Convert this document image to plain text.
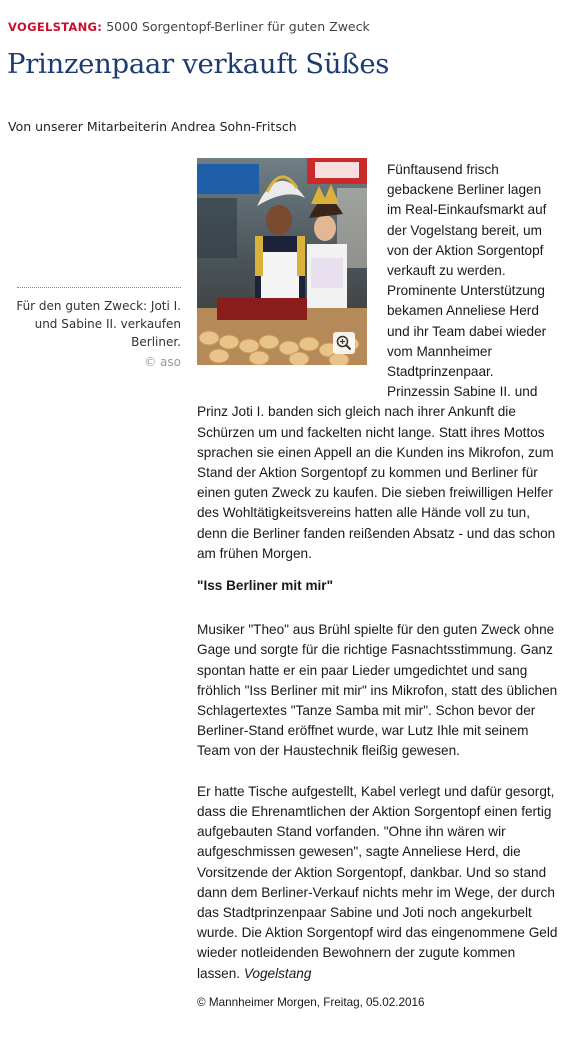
VOGELSTANG: 5000 Sorgentopf-Berliner für guten Zweck
Prinzenpaar verkauft Süßes
Von unserer Mitarbeiterin Andrea Sohn-Fritsch
Für den guten Zweck: Joti I. und Sabine II. verkaufen Berliner.
© aso

Fünftausend frisch gebackene Berliner lagen im Real-Einkaufsmarkt auf der Vogelstang bereit, um von der Aktion Sorgentopf verkauft zu werden. Prominente Unterstützung bekamen Anneliese Herd und ihr Team dabei wieder vom Mannheimer Stadtprinzenpaar. Prinzessin Sabine II. und Prinz Joti I. banden sich gleich nach ihrer Ankunft die Schürzen um und fackelten nicht lange. Statt ihres Mottos sprachen sie einen Appell an die Kunden ins Mikrofon, zum Stand der Aktion Sorgentopf zu kommen und Berliner für einen guten Zweck zu kaufen. Die sieben freiwilligen Helfer des Wohltätigkeitsvereins hatten alle Hände voll zu tun, denn die Berliner fanden reißenden Absatz - und das schon am frühen Morgen.

"Iss Berliner mit mir"

Musiker "Theo" aus Brühl spielte für den guten Zweck ohne Gage und sorgte für die richtige Fasnachtsstimmung. Ganz spontan hatte er ein paar Lieder umgedichtet und sang fröhlich "Iss Berliner mit mir" ins Mikrofon, statt des üblichen Schlagertextes "Tanze Samba mit mir". Schon bevor der Berliner-Stand eröffnet wurde, war Lutz Ihle mit seinem Team von der Haustechnik fleißig gewesen.

Er hatte Tische aufgestellt, Kabel verlegt und dafür gesorgt, dass die Ehrenamtlichen der Aktion Sorgentopf einen fertig aufgebauten Stand vorfanden. "Ohne ihn wären wir aufgeschmissen gewesen", sagte Anneliese Herd, die Vorsitzende der Aktion Sorgentopf, dankbar. Und so stand dann dem Berliner-Verkauf nichts mehr im Wege, der durch das Stadtprinzenpaar Sabine und Joti noch angekurbelt wurde. Die Aktion Sorgentopf wird das eingenommene Geld wieder notleidenden Bewohnern der zugute kommen lassen. Vogelstang

© Mannheimer Morgen, Freitag, 05.02.2016
